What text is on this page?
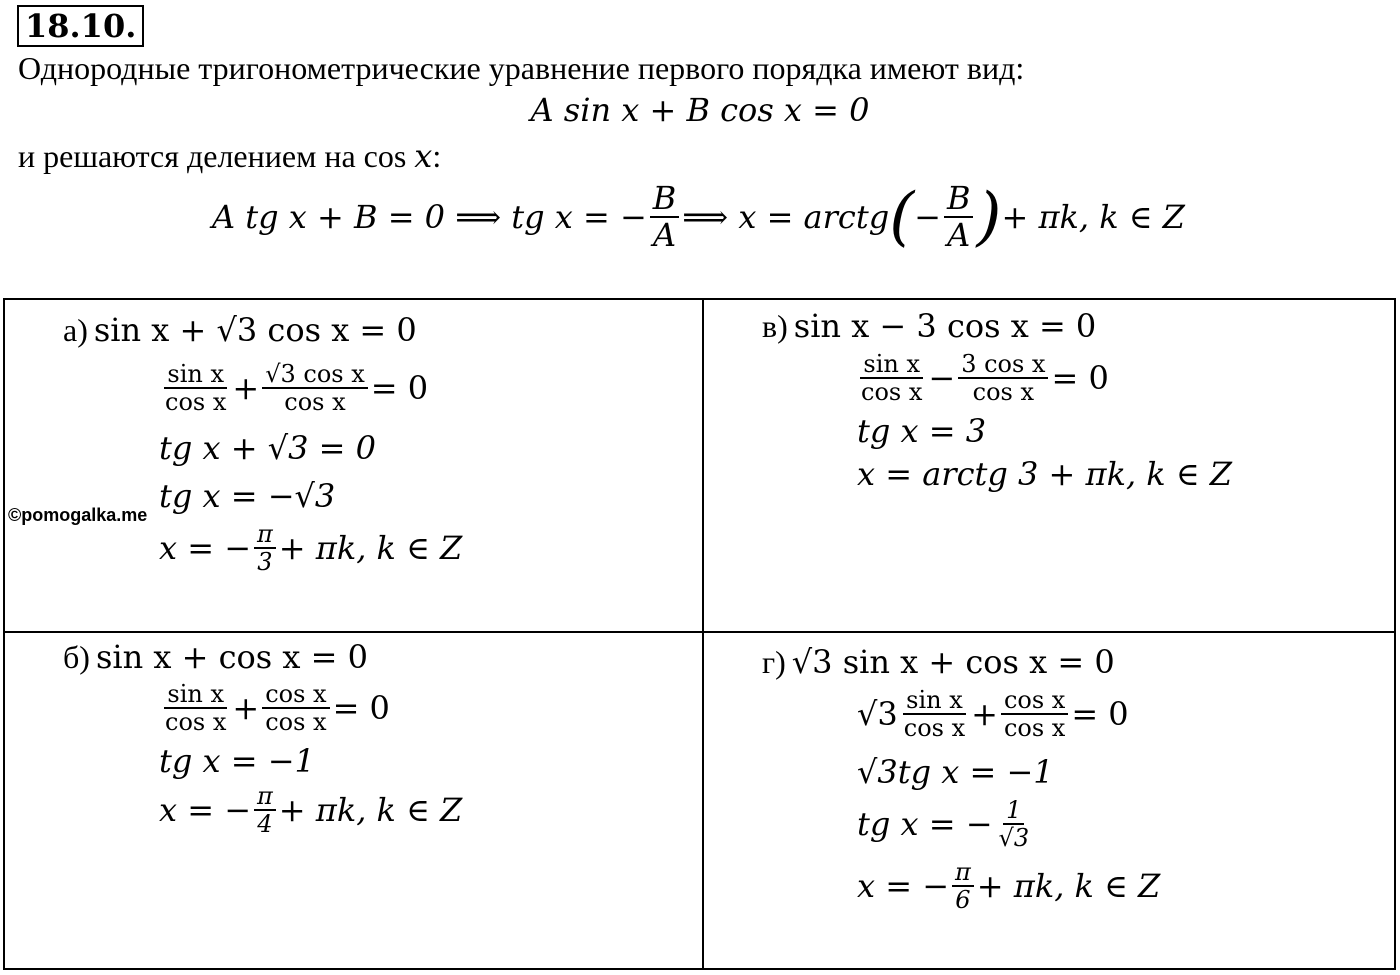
18.10.
Однородные тригонометрические уравнение первого порядка имеют вид:
A sin x + B cos x = 0
и решаются делением на cos x:
A tg x + B = 0 ⟹ tg x = − $\frac{B}{A}$ ⟹ x = arctg ( − $\frac{B}{A}$ ) + πk, k ∈ Z
а) sin x + √3 cos x = 0
$\frac{\text{sin x}}{\text{cos x}} + \frac{\text{√3 cos x}}{\text{cos x}} = 0$
tg x + √3 = 0
tg x = −√3
x = − $\frac{\pi}{3} + \pi k$, k ∈ Z
в) sin x − 3 cos x = 0
$\frac{\text{sin x}}{\text{cos x}} - \frac{\text{3 cos x}}{\text{cos x}} = 0$
tg x = 3
x = arctg 3 + πk, k ∈ Z
б) sin x + cos x = 0
$\frac{\text{sin x}}{\text{cos x}} + \frac{\text{cos x}}{\text{cos x}} = 0$
tg x = −1
x = − $\frac{\pi}{4} + \pi k$, k ∈ Z
г) √3 sin x + cos x = 0
$√3 \frac{\text{sin x}}{\text{cos x}} + \frac{\text{cos x}}{\text{cos x}} = 0$
√3tg x = −1
tg x = − $\frac{1}{√3}$
x = − $\frac{\pi}{6} + \pi k$, k ∈ Z
©pomogalka.me
